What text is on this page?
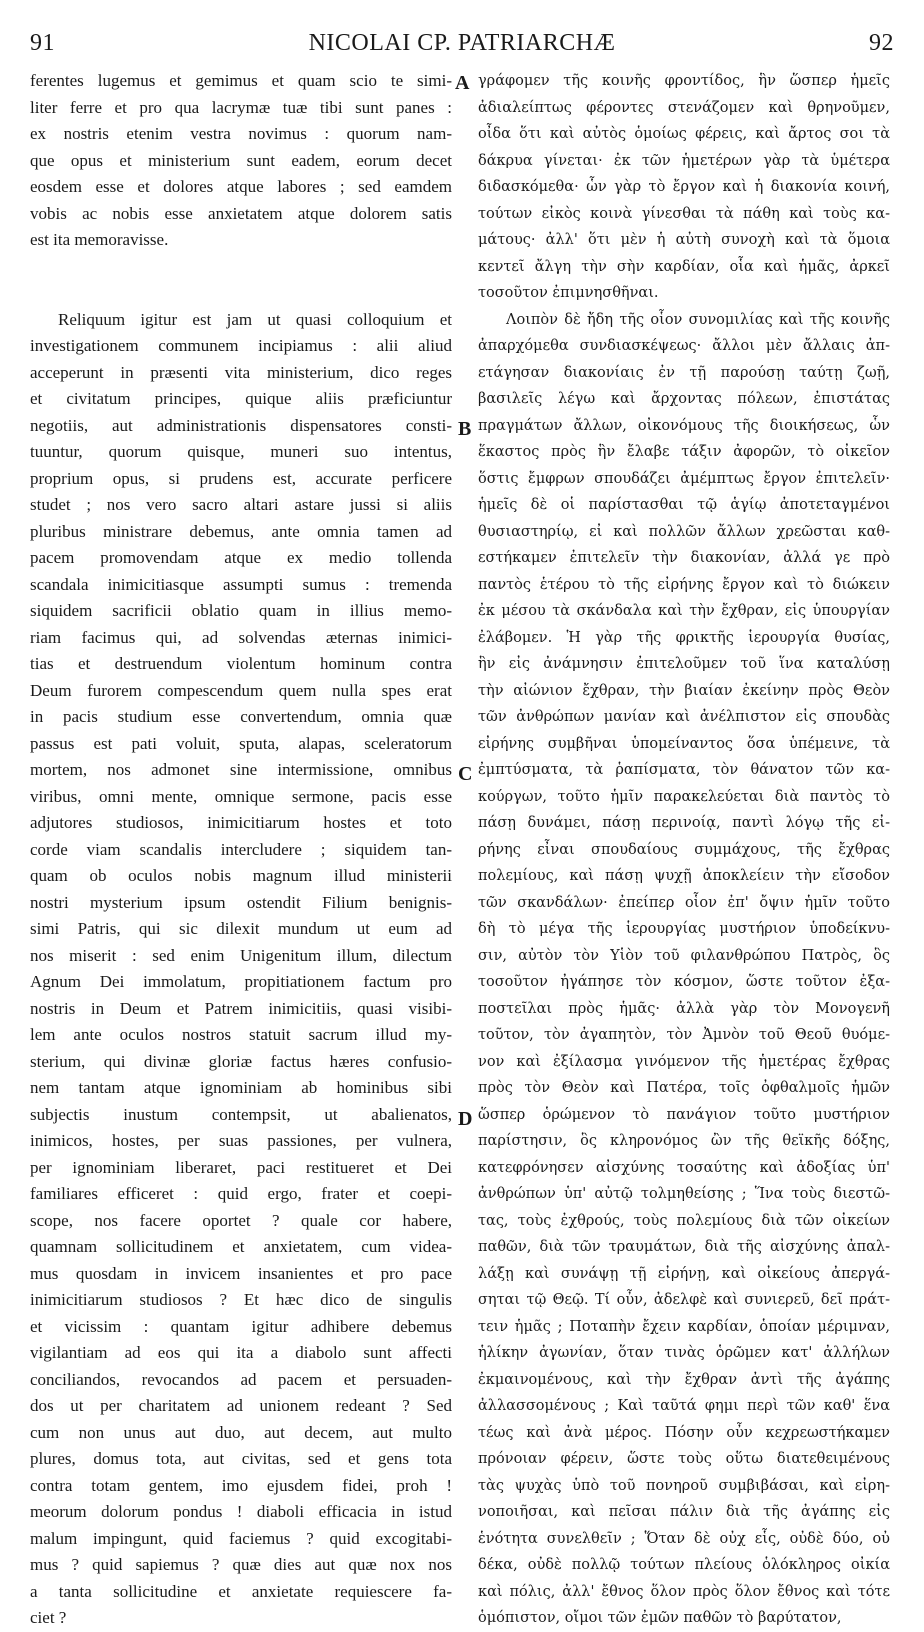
91	NICOLAI CP. PATRIARCHÆ	92
ferentes lugemus et gemimus et quam scio te simi-
liter ferre et pro qua lacrymæ tuæ tibi sunt panes :
ex nostris etenim vestra novimus : quorum nam-
que opus et ministerium sunt eadem, eorum decet
eosdem esse et dolores atque labores ; sed eamdem
vobis ac nobis esse anxietatem atque dolorem satis
est ita memoravisse.
Reliquum igitur est jam ut quasi colloquium et
investigationem communem incipiamus : alii aliud
acceperunt in præsenti vita ministerium, dico reges
et civitatum principes, quique aliis præficiuntur
negotiis, aut administrationis dispensatores consti-
tuuntur, quorum quisque, muneri suo intentus,
proprium opus, si prudens est, accurate perficere
studet ; nos vero sacro altari astare jussi si aliis
pluribus ministrare debemus, ante omnia tamen ad
pacem promovendam atque ex medio tollenda
scandala inimicitiasque assumpti sumus : tremenda
siquidem sacrificii oblatio quam in illius memo-
riam facimus qui, ad solvendas æternas inimici-
tias et destruendum violentum hominum contra
Deum furorem compescendum quem nulla spes erat
in pacis studium esse convertendum, omnia quæ
passus est pati voluit, sputa, alapas, sceleratorum
mortem, nos admonet sine intermissione, omnibus
viribus, omni mente, omnique sermone, pacis esse
adjutores studiosos, inimicitiarum hostes et toto
corde viam scandalis intercludere ; siquidem tan-
quam ob oculos nobis magnum illud ministerii
nostri mysterium ipsum ostendit Filium benignis-
simi Patris, qui sic dilexit mundum ut eum ad
nos miserit : sed enim Unigenitum illum, dilectum
Agnum Dei immolatum, propitiationem factum pro
nostris in Deum et Patrem inimicitiis, quasi visibi-
lem ante oculos nostros statuit sacrum illud my-
sterium, qui divinæ gloriæ factus hæres confusio-
nem tantam atque ignominiam ab hominibus sibi
subjectis inustum contempsit, ut abalienatos,
inimicos, hostes, per suas passiones, per vulnera,
per ignominiam liberaret, paci restitueret et Dei
familiares efficeret : quid ergo, frater et coepi-
scope, nos facere oportet ? quale cor habere,
quamnam sollicitudinem et anxietatem, cum videa-
mus quosdam in invicem insanientes et pro pace
inimicitiarum studiosos ? Et hæc dico de singulis
et vicissim : quantam igitur adhibere debemus
vigilantiam ad eos qui ita a diabolo sunt affecti
conciliandos, revocandos ad pacem et persuaden-
dos ut per charitatem ad unionem redeant ? Sed
cum non unus aut duo, aut decem, aut multo
plures, domus tota, aut civitas, sed et gens tota
contra totam gentem, imo ejusdem fidei, proh !
meorum dolorum pondus ! diaboli efficacia in istud
malum impingunt, quid faciemus ? quid excogitabi-
mus ? quid sapiemus ? quæ dies aut quæ nox nos
a tanta sollicitudine et anxietate requiescere fa-
ciet ?
γράφομεν τῆς κοινῆς φροντίδος, ἣν ὥσπερ ἡμεῖς
ἀδιαλείπτως φέροντες στενάζομεν καὶ θρηνοῦμεν,
οἶδα ὅτι καὶ αὐτὸς ὁμοίως φέρεις, καὶ ἄρτος σοι τὰ
δάκρυα γίνεται· ἐκ τῶν ἡμετέρων γὰρ τὰ ὑμέτερα
διδασκόμεθα· ὧν γὰρ τὸ ἔργον καὶ ἡ διακονία κοινή,
τούτων εἰκὸς κοινὰ γίνεσθαι τὰ πάθη καὶ τοὺς κα-
μάτους· ἀλλ' ὅτι μὲν ἡ αὐτὴ συνοχὴ καὶ τὰ ὅμοια
κεντεῖ ἄλγη τὴν σὴν καρδίαν, οἷα καὶ ἡμᾶς, ἀρκεῖ
τοσοῦτον ἐπιμνησθῆναι.
Λοιπὸν δὲ ἤδη τῆς οἷον συνομιλίας καὶ τῆς κοινῆς
ἀπαρχόμεθα συνδιασκέψεως· ἄλλοι μὲν ἄλλαις ἀπ-
ετάγησαν διακονίαις ἐν τῇ παρούσῃ ταύτῃ ζωῇ,
βασιλεῖς λέγω καὶ ἄρχοντας πόλεων, ἐπιστάτας
πραγμάτων ἄλλων, οἰκονόμους τῆς διοικήσεως, ὧν
ἕκαστος πρὸς ἣν ἔλαβε τάξιν ἀφορῶν, τὸ οἰκεῖον
ὅστις ἔμφρων σπουδάζει ἀμέμπτως ἔργον ἐπιτελεῖν·
ἡμεῖς δὲ οἱ παρίστασθαι τῷ ἁγίῳ ἀποτεταγμένοι
θυσιαστηρίῳ, εἰ καὶ πολλῶν ἄλλων χρεῶσται καθ-
εστήκαμεν ἐπιτελεῖν τὴν διακονίαν, ἀλλά γε πρὸ
παντὸς ἑτέρου τὸ τῆς εἰρήνης ἔργον καὶ τὸ διώκειν
ἐκ μέσου τὰ σκάνδαλα καὶ τὴν ἔχθραν, εἰς ὑπουργίαν
ἐλάβομεν. Ἡ γὰρ τῆς φρικτῆς ἱερουργία θυσίας,
ἣν εἰς ἀνάμνησιν ἐπιτελοῦμεν τοῦ ἵνα καταλύσῃ
τὴν αἰώνιον ἔχθραν, τὴν βιαίαν ἐκείνην πρὸς Θεὸν
τῶν ἀνθρώπων μανίαν καὶ ἀνέλπιστον εἰς σπουδὰς
εἰρήνης συμβῆναι ὑπομείναντος ὅσα ὑπέμεινε, τὰ
ἐμπτύσματα, τὰ ῥαπίσματα, τὸν θάνατον τῶν κα-
κούργων, τοῦτο ἡμῖν παρακελεύεται διὰ παντὸς τὸ
πάσῃ δυνάμει, πάσῃ περινοίᾳ, παντὶ λόγῳ τῆς εἰ-
ρήνης εἶναι σπουδαίους συμμάχους, τῆς ἔχθρας
πολεμίους, καὶ πάσῃ ψυχῇ ἀποκλείειν τὴν εἴσοδον
τῶν σκανδάλων· ἐπείπερ οἷον ἐπ' ὄψιν ἡμῖν τοῦτο
δὴ τὸ μέγα τῆς ἱερουργίας μυστήριον ὑποδείκνυ-
σιν, αὐτὸν τὸν Υἱὸν τοῦ φιλανθρώπου Πατρὸς, ὃς
τοσοῦτον ἠγάπησε τὸν κόσμον, ὥστε τοῦτον ἐξα-
ποστεῖλαι πρὸς ἡμᾶς· ἀλλὰ γὰρ τὸν Μονογενῆ
τοῦτον, τὸν ἀγαπητὸν, τὸν Ἀμνὸν τοῦ Θεοῦ θυόμε-
νον καὶ ἐξίλασμα γινόμενον τῆς ἡμετέρας ἔχθρας
πρὸς τὸν Θεὸν καὶ Πατέρα, τοῖς ὀφθαλμοῖς ἡμῶν
ὥσπερ ὁρώμενον τὸ πανάγιον τοῦτο μυστήριον
παρίστησιν, ὃς κληρονόμος ὢν τῆς θεϊκῆς δόξης,
κατεφρόνησεν αἰσχύνης τοσαύτης καὶ ἀδοξίας ὑπ'
ἀνθρώπων ὑπ' αὐτῷ τολμηθείσης ; Ἵνα τοὺς διεστῶ-
τας, τοὺς ἐχθρούς, τοὺς πολεμίους διὰ τῶν οἰκείων
παθῶν, διὰ τῶν τραυμάτων, διὰ τῆς αἰσχύνης ἀπαλ-
λάξῃ καὶ συνάψῃ τῇ εἰρήνῃ, καὶ οἰκείους ἀπεργά-
σηται τῷ Θεῷ. Τί οὖν, ἀδελφὲ καὶ συνιερεῦ, δεῖ πράτ-
τειν ἡμᾶς ; Ποταπὴν ἔχειν καρδίαν, ὁποίαν μέριμναν,
ἡλίκην ἀγωνίαν, ὅταν τινὰς ὁρῶμεν κατ' ἀλλήλων
ἐκμαινομένους, καὶ τὴν ἔχθραν ἀντὶ τῆς ἀγάπης
ἀλλασσομένους ; Καὶ ταῦτά φημι περὶ τῶν καθ' ἕνα
τέως καὶ ἀνὰ μέρος. Πόσην οὖν κεχρεωστήκαμεν
πρόνοιαν φέρειν, ὥστε τοὺς οὕτω διατεθειμένους
τὰς ψυχὰς ὑπὸ τοῦ πονηροῦ συμβιβάσαι, καὶ εἰρη-
νοποιῆσαι, καὶ πεῖσαι πάλιν διὰ τῆς ἀγάπης εἰς
ἑνότητα συνελθεῖν ; Ὅταν δὲ οὐχ εἷς, οὐδὲ δύο, οὐ
δέκα, οὐδὲ πολλῷ τούτων πλείους ὁλόκληρος οἰκία
καὶ πόλις, ἀλλ' ἔθνος ὅλον πρὸς ὅλον ἔθνος καὶ τότε
ὁμόπιστον, οἴμοι τῶν ἐμῶν παθῶν τὸ βαρύτατον,
A
B
C
D
